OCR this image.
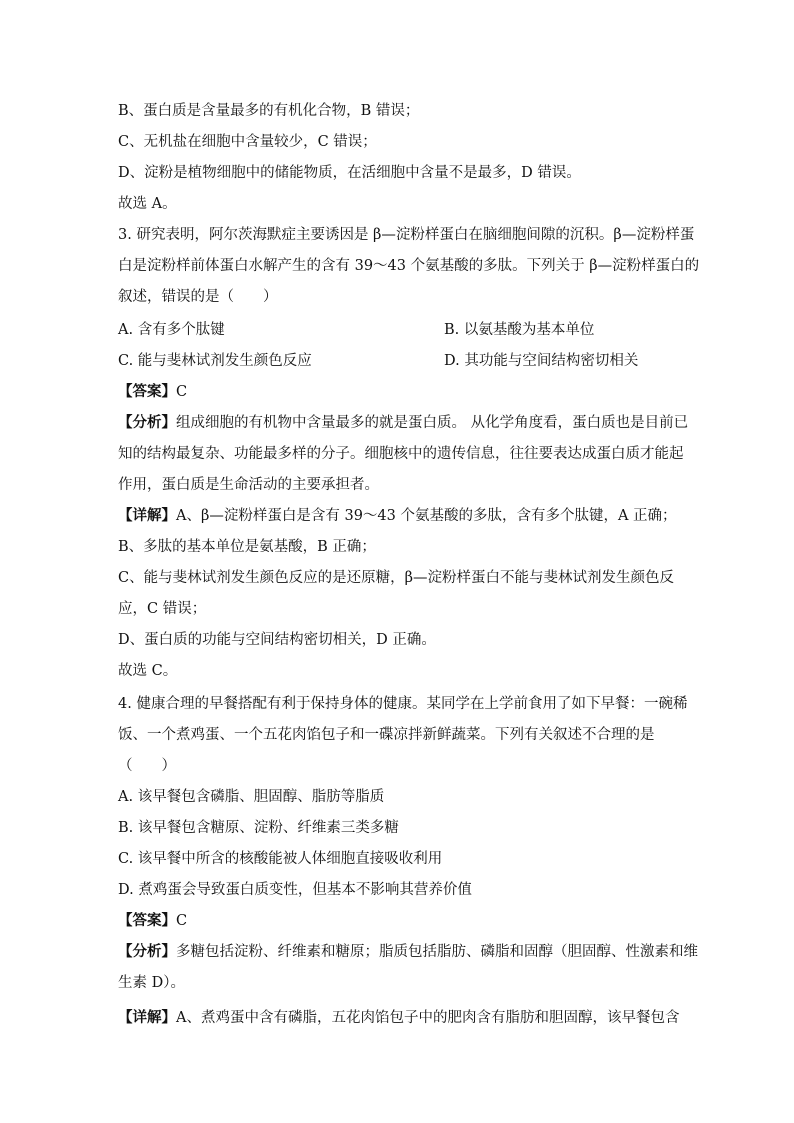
B、蛋白质是含量最多的有机化合物，B 错误；
C、无机盐在细胞中含量较少，C 错误；
D、淀粉是植物细胞中的储能物质，在活细胞中含量不是最多，D 错误。
故选 A。
3. 研究表明，阿尔茨海默症主要诱因是 β—淀粉样蛋白在脑细胞间隙的沉积。β—淀粉样蛋
白是淀粉样前体蛋白水解产生的含有 39～43 个氨基酸的多肽。下列关于 β—淀粉样蛋白的
叙述，错误的是（　　）
A. 含有多个肽键	B. 以氨基酸为基本单位
C. 能与斐林试剂发生颜色反应	D. 其功能与空间结构密切相关
【答案】C
【分析】组成细胞的有机物中含量最多的就是蛋白质。 从化学角度看，蛋白质也是目前已
知的结构最复杂、功能最多样的分子。细胞核中的遗传信息，往往要表达成蛋白质才能起
作用，蛋白质是生命活动的主要承担者。
【详解】A、β—淀粉样蛋白是含有 39～43 个氨基酸的多肽，含有多个肽键，A 正确；
B、多肽的基本单位是氨基酸，B 正确；
C、能与斐林试剂发生颜色反应的是还原糖，β—淀粉样蛋白不能与斐林试剂发生颜色反
应，C 错误；
D、蛋白质的功能与空间结构密切相关，D 正确。
故选 C。
4. 健康合理的早餐搭配有利于保持身体的健康。某同学在上学前食用了如下早餐：一碗稀
饭、一个煮鸡蛋、一个五花肉馅包子和一碟凉拌新鲜蔬菜。下列有关叙述不合理的是
（　　）
A. 该早餐包含磷脂、胆固醇、脂肪等脂质
B. 该早餐包含糖原、淀粉、纤维素三类多糖
C. 该早餐中所含的核酸能被人体细胞直接吸收利用
D. 煮鸡蛋会导致蛋白质变性，但基本不影响其营养价值
【答案】C
【分析】多糖包括淀粉、纤维素和糖原；脂质包括脂肪、磷脂和固醇（胆固醇、性激素和维
生素 D）。
【详解】A、煮鸡蛋中含有磷脂，五花肉馅包子中的肥肉含有脂肪和胆固醇，该早餐包含
